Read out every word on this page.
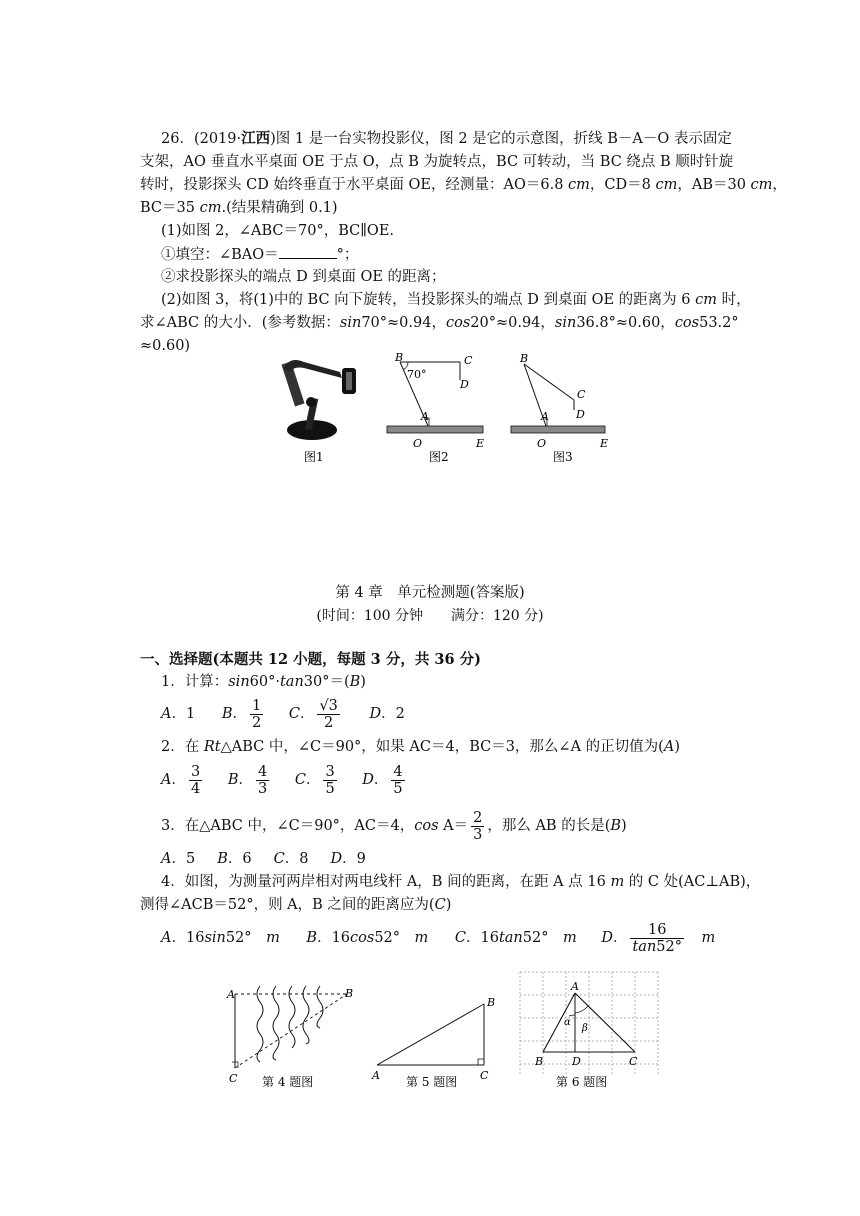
26．(2019·江西)图 1 是一台实物投影仪，图 2 是它的示意图，折线 B－A－O 表示固定
支架，AO 垂直水平桌面 OE 于点 O，点 B 为旋转点，BC 可转动，当 BC 绕点 B 顺时针旋
转时，投影探头 CD 始终垂直于水平桌面 OE，经测量：AO＝6.8 cm，CD＝8 cm，AB＝30 cm，
BC＝35 cm.(结果精确到 0.1)
(1)如图 2，∠ABC＝70°，BC∥OE.
①填空：∠BAO＝	°；
②求投影探头的端点 D 到桌面 OE 的距离；
(2)如图 3，将(1)中的 BC 向下旋转，当投影探头的端点 D 到桌面 OE 的距离为 6 cm 时，
求∠ABC 的大小．(参考数据：sin70°≈0.94，cos20°≈0.94，sin36.8°≈0.60，cos53.2°
≈0.60)
图1
B	C
D
70°
A
O	E
图2
B
C
D
A
O	E
图3
第 4 章　单元检测题(答案版)
(时间：100 分钟　　满分：120 分)
一、选择题(本题共 12 小题，每题 3 分，共 36 分)
1．计算：sin60°·tan30°＝(B)
A．1 B． $\frac{1}{2}$ C． $\frac{√3}{2}$ D．2
2．在 Rt△ABC 中，∠C＝90°，如果 AC＝4，BC＝3，那么∠A 的正切值为(A)
A． $\frac{3}{4}$ B． $\frac{4}{3}$ C． $\frac{3}{5}$ D． $\frac{4}{5}$
3．在△ABC 中，∠C＝90°，AC＝4，$\cos A= \frac{2}{3}$ ，那么 AB 的长是(B)
A．5 B．6 C．8 D．9
4．如图，为测量河两岸相对两电线杆 A，B 间的距离，在距 A 点 16 m 的 C 处(AC⊥AB)，
测得∠ACB＝52°，则 A，B 之间的距离应为(C)
A．16sin52°　 m B．16cos52°　 m C．16tan52°　 m D． $\frac{16}{\tan 52^\circ}$
　 m
A	B
C 第 4 题图	A
B
C
第 5 题图
A
B	D	C
α
β
第 6 题图
